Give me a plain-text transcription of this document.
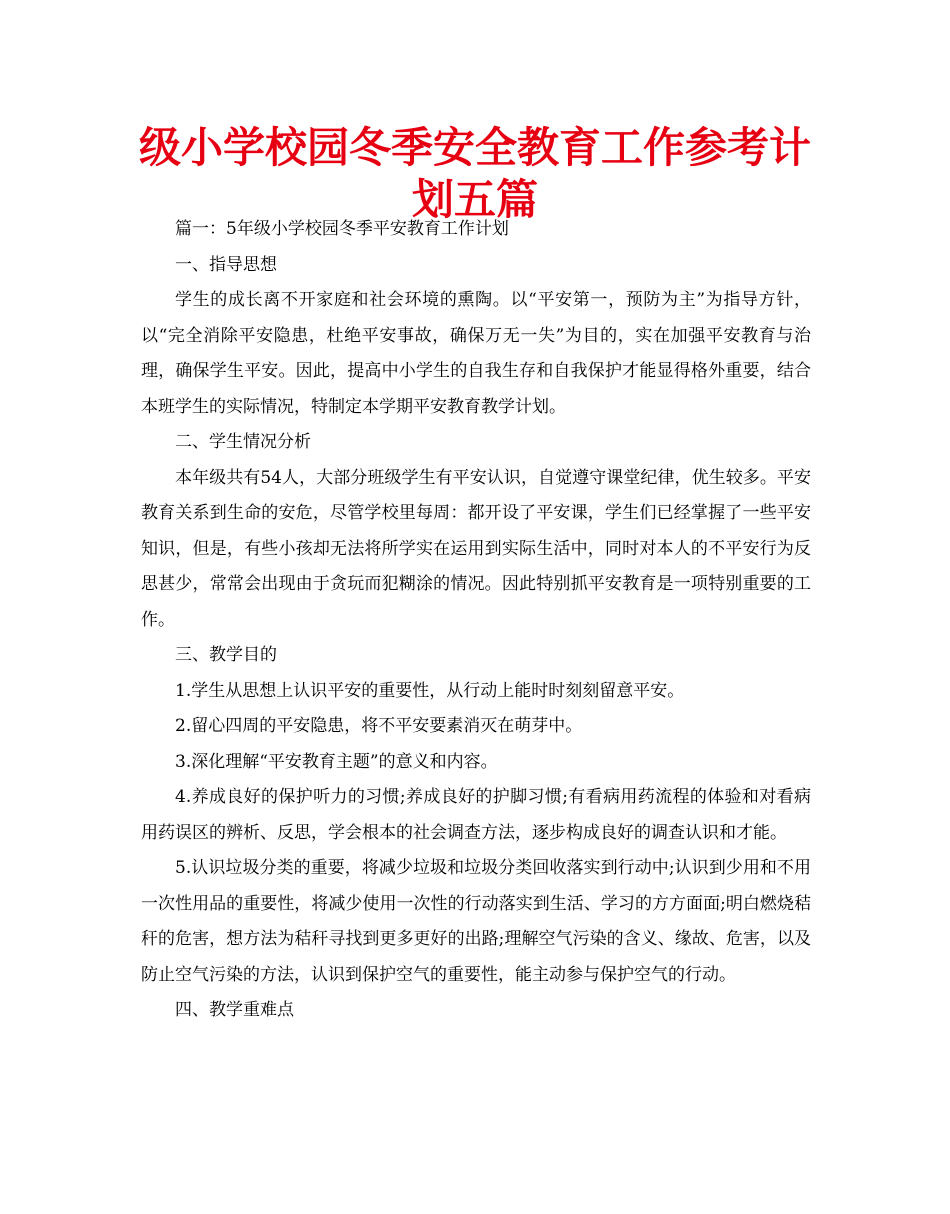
级小学校园冬季安全教育工作参考计划五篇

篇一：5年级小学校园冬季平安教育工作计划

一、指导思想

学生的成长离不开家庭和社会环境的熏陶。以“平安第一，预防为主”为指导方针，以“完全消除平安隐患，杜绝平安事故，确保万无一失”为目的，实在加强平安教育与治理，确保学生平安。因此，提高中小学生的自我生存和自我保护才能显得格外重要，结合本班学生的实际情况，特制定本学期平安教育教学计划。

二、学生情况分析

本年级共有54人，大部分班级学生有平安认识，自觉遵守课堂纪律，优生较多。平安教育关系到生命的安危，尽管学校里每周：都开设了平安课，学生们已经掌握了一些平安知识，但是，有些小孩却无法将所学实在运用到实际生活中，同时对本人的不平安行为反思甚少，常常会出现由于贪玩而犯糊涂的情况。因此特别抓平安教育是一项特别重要的工作。

三、教学目的

1.学生从思想上认识平安的重要性，从行动上能时时刻刻留意平安。

2.留心四周的平安隐患，将不平安要素消灭在萌芽中。

3.深化理解“平安教育主题”的意义和内容。

4.养成良好的保护听力的习惯;养成良好的护脚习惯;有看病用药流程的体验和对看病用药误区的辨析、反思，学会根本的社会调查方法，逐步构成良好的调查认识和才能。

5.认识垃圾分类的重要，将减少垃圾和垃圾分类回收落实到行动中;认识到少用和不用一次性用品的重要性，将减少使用一次性的行动落实到生活、学习的方方面面;明白燃烧秸秆的危害，想方法为秸秆寻找到更多更好的出路;理解空气污染的含义、缘故、危害，以及防止空气污染的方法，认识到保护空气的重要性，能主动参与保护空气的行动。

四、教学重难点
